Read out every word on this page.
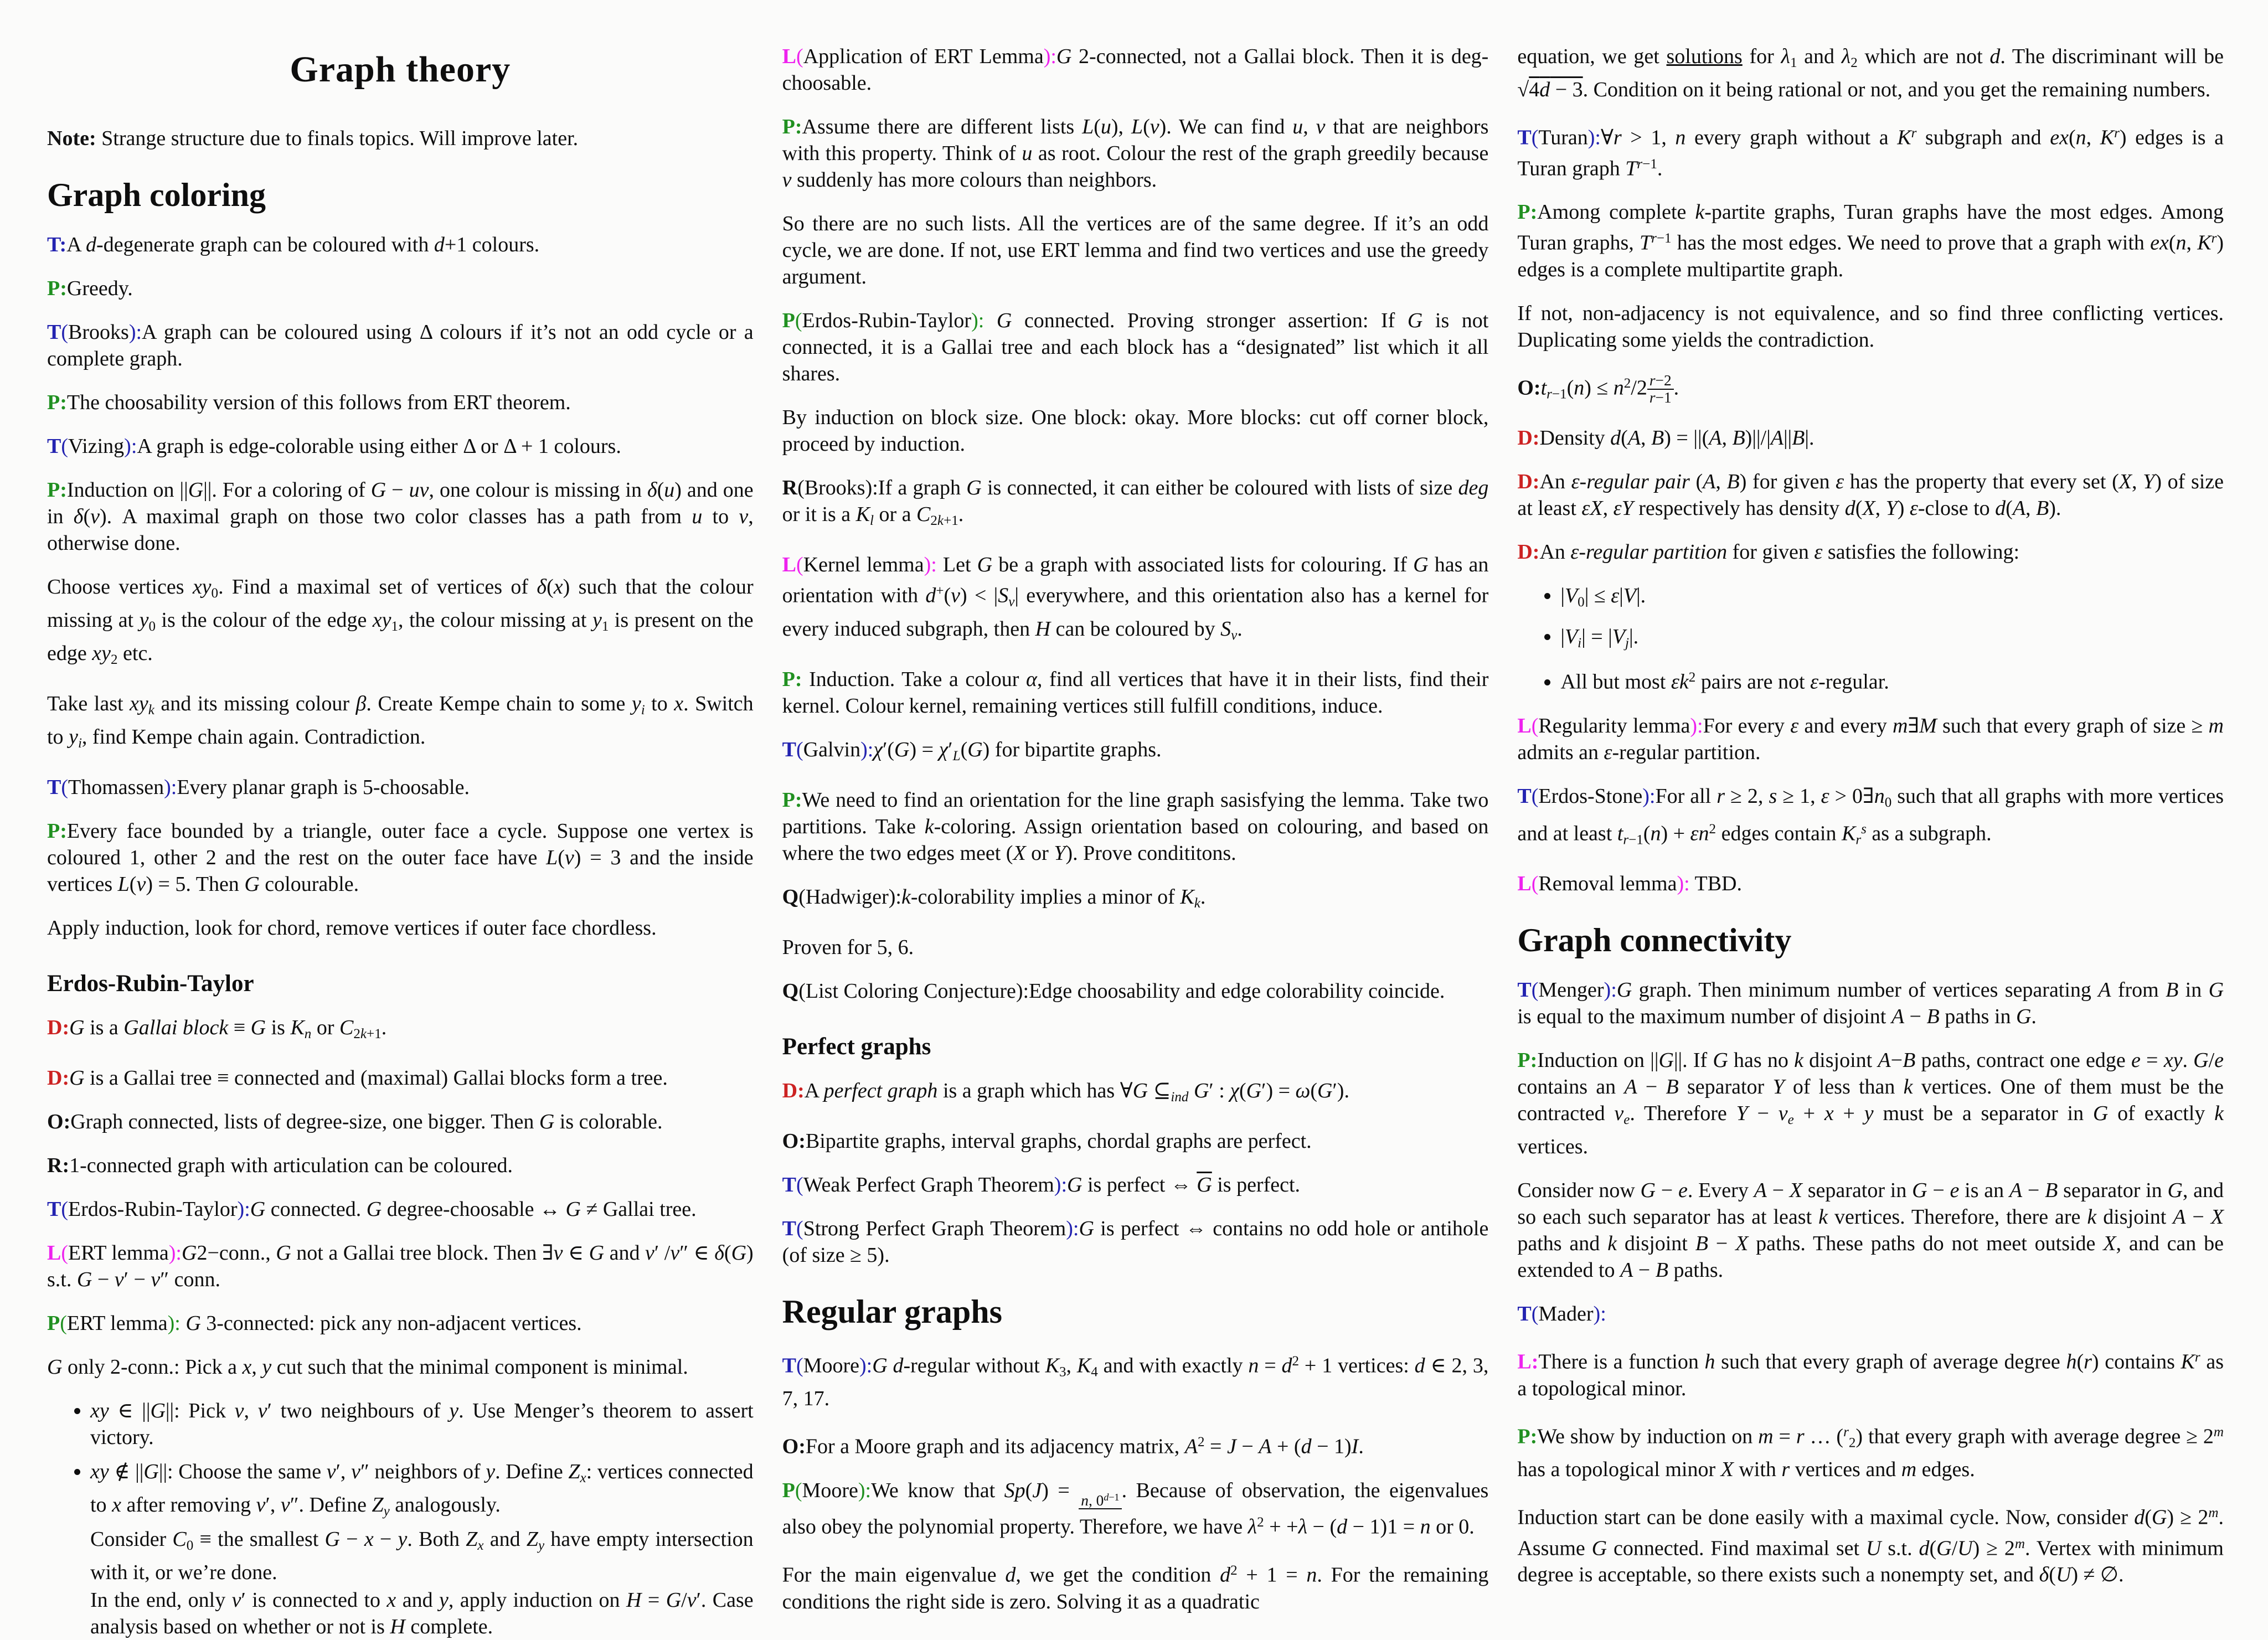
Graph theory

Note: Strange structure due to finals topics. Will improve later.

Graph coloring

T:A d-degenerate graph can be coloured with d+1 colours.

P:Greedy.

T(Brooks):A graph can be coloured using Δ colours if it’s not an odd cycle or a complete graph.

P:The choosability version of this follows from ERT theorem.

T(Vizing):A graph is edge-colorable using either Δ or Δ + 1 colours.

P:Induction on ||G||. For a coloring of G − uv, one colour is missing in δ(u) and one in δ(v). A maximal graph on those two color classes has a path from u to v, otherwise done.

Choose vertices $xy_0$. Find a maximal set of vertices of δ(x) such that the colour missing at $y_0$ is the colour of the edge $xy_1$, the colour missing at $y_1$ is present on the edge $xy_2$ etc.

Take last $xy_k$ and its missing colour β. Create Kempe chain to some $y_i$ to x. Switch to $y_i$, find Kempe chain again. Contradiction.

T(Thomassen):Every planar graph is 5-choosable.

P:Every face bounded by a triangle, outer face a cycle. Suppose one vertex is coloured 1, other 2 and the rest on the outer face have L(v) = 3 and the inside vertices L(v) = 5. Then G colourable.

Apply induction, look for chord, remove vertices if outer face chordless.

Erdos-Rubin-Taylor

D:G is a Gallai block ≡ G is $K_n$ or $C_{2k+1}$.

D:G is a Gallai tree ≡ connected and (maximal) Gallai blocks form a tree.

O:Graph connected, lists of degree-size, one bigger. Then G is colorable.

R:1-connected graph with articulation can be coloured.

T(Erdos-Rubin-Taylor):G connected. G degree-choosable ↔ G ≠ Gallai tree.

L(ERT lemma):G2−conn., G not a Gallai tree block. Then ∃v ∈ G and v′ /v″ ∈ δ(G) s.t. G − v′ − v″ conn.

P(ERT lemma): G 3-connected: pick any non-adjacent vertices.

G only 2-conn.: Pick a x, y cut such that the minimal component is minimal.

• xy ∈ ||G||: Pick v, v′ two neighbours of y. Use Menger’s theorem to assert victory.
• xy ∉ ||G||: Choose the same v′, v″ neighbors of y. Define $Z_x$: vertices connected to x after removing v′, v″. Define $Z_y$ analogously.
Consider $C_0$ ≡ the smallest G − x − y. Both $Z_x$ and $Z_y$ have empty intersection with it, or we’re done.
In the end, only v′ is connected to x and y, apply induction on H = G/v′. Case analysis based on whether or not is H complete.

L(Application of ERT Lemma):G 2-connected, not a Gallai block. Then it is deg-choosable.

P:Assume there are different lists L(u), L(v). We can find u, v that are neighbors with this property. Think of u as root. Colour the rest of the graph greedily because v suddenly has more colours than neighbors.

So there are no such lists. All the vertices are of the same degree. If it’s an odd cycle, we are done. If not, use ERT lemma and find two vertices and use the greedy argument.

P(Erdos-Rubin-Taylor): G connected. Proving stronger assertion: If G is not connected, it is a Gallai tree and each block has a “designated” list which it all shares.

By induction on block size. One block: okay. More blocks: cut off corner block, proceed by induction.

R(Brooks):If a graph G is connected, it can either be coloured with lists of size deg or it is a $K_l$ or a $C_{2k+1}$.

L(Kernel lemma): Let G be a graph with associated lists for colouring. If G has an orientation with $d^+(v) < |S_v|$ everywhere, and this orientation also has a kernel for every induced subgraph, then H can be coloured by $S_v$.

P: Induction. Take a colour α, find all vertices that have it in their lists, find their kernel. Colour kernel, remaining vertices still fulfill conditions, induce.

T(Galvin):χ′(G) = $\chi'_L(G)$ for bipartite graphs.

P:We need to find an orientation for the line graph sasisfying the lemma. Take two partitions. Take k-coloring. Assign orientation based on colouring, and based on where the two edges meet (X or Y). Prove condititons.

Q(Hadwiger):k-colorability implies a minor of $K_k$.

Proven for 5, 6.

Q(List Coloring Conjecture):Edge choosability and edge colorability coincide.

Perfect graphs

D:A perfect graph is a graph which has ∀G $⊆_{ind}$ G′ : χ(G′) = ω(G′).

O:Bipartite graphs, interval graphs, chordal graphs are perfect.

T(Weak Perfect Graph Theorem):G is perfect ⇔ $\overline{G}$ is perfect.

T(Strong Perfect Graph Theorem):G is perfect ⇔ contains no odd hole or antihole (of size ≥ 5).

Regular graphs

T(Moore):G d-regular without $K_3$, $K_4$ and with exactly $n = d^2 + 1$ vertices: d ∈ 2, 3, 7, 17.

O:For a Moore graph and its adjacency matrix, $A^2 = J - A + (d - 1)I$.

P(Moore):We know that Sp(J) = n, $0^{d-1}$ . Because of observation, the eigenvalues also obey the polynomial property. Therefore, we have $\lambda^2 + +\lambda - (d - 1)1 = n$ or 0.

For the main eigenvalue d, we get the condition $d^2 + 1 = n$. For the remaining conditions the right side is zero. Solving it as a quadratic

equation, we get solutions for $\lambda_1$ and $\lambda_2$ which are not d. The discriminant will be $√4\overline{d} - 3$. Condition on it being rational or not, and you get the remaining numbers.

T(Turan):∀r > 1, n every graph without a $K^r$ subgraph and ex(n, $K^r$) edges is a Turan graph $T^{r-1}$.

P:Among complete k-partite graphs, Turan graphs have the most edges. Among Turan graphs, $T^{r-1}$ has the most edges. We need to prove that a graph with ex(n, $K^r$) edges is a complete multipartite graph.

If not, non-adjacency is not equivalence, and so find three conflicting vertices. Duplicating some yields the contradiction.

$O:t_{r-1}(n) \le n^2/2 \frac{r-2}{r-1}$ .

D:Density d(A, B) = ||(A, B)||/|A||B|.

D:An ε-regular pair (A, B) for given ε has the property that every set (X, Y) of size at least εX, εY respectively has density d(X, Y) ε-close to d(A, B).

D:An ε-regular partition for given ε satisfies the following:

• $|V_0| \le \varepsilon|V|$.
• $|V_i| = |V_j|$.
• All but most $\varepsilon k^2$ pairs are not ε-regular.

L(Regularity lemma):For every ε and every m∃M such that every graph of size ≥ m admits an ε-regular partition.

T(Erdos-Stone):For all r ≥ 2, s ≥ 1, $\varepsilon > 0\exists n_0$ such that all graphs with more vertices and at least $t_{r-1}(n) + \varepsilon n^2$ edges contain $K_r^s$ as a subgraph.

L(Removal lemma): TBD.

Graph connectivity

T(Menger):G graph. Then minimum number of vertices separating A from B in G is equal to the maximum number of disjoint A − B paths in G.

P:Induction on ||G||. If G has no k disjoint A−B paths, contract one edge e = xy. G/e contains an A − B separator Y of less than k vertices. One of them must be the contracted $v_e$. Therefore $Y - v_e + x + y$ must be a separator in G of exactly k vertices.

Consider now G − e. Every A − X separator in G − e is an A − B separator in G, and so each such separator has at least k vertices. Therefore, there are k disjoint A − X paths and k disjoint B − X paths. These paths do not meet outside X, and can be extended to A − B paths.

T(Mader):

L:There is a function h such that every graph of average degree h(r) contains $K^r$ as a topological minor.

P:We show by induction on m = r … ($^r_2$) that every graph with average degree ≥ $2^m$ has a topological minor X with r vertices and m edges.

Induction start can be done easily with a maximal cycle. Now, consider $d(G) \ge 2^m$. Assume G connected. Find maximal set U s.t. $d(G/U) \ge 2^m$. Vertex with minimum degree is acceptable, so there exists such a nonempty set, and δ(U) ≠ ∅.
